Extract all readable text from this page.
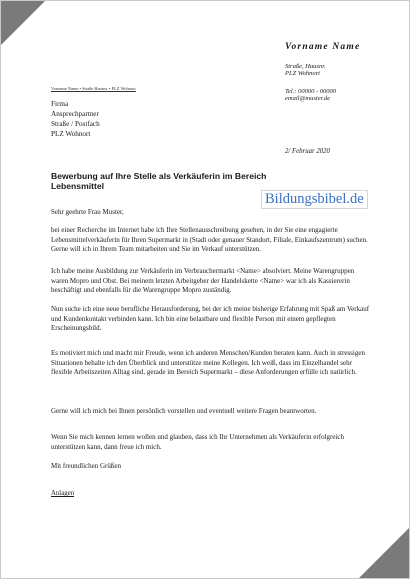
Vorname Name
Straße, Hausnr.
PLZ Wohnort
Tel.: 00000 - 00000
email@muster.de
Vorname Name • Straße Hausnr. • PLZ Wohnort
Firma
Ansprechpartner
Straße / Postfach
PLZ Wohnort
2/ Februar 2020
Bewerbung auf Ihre Stelle als Verkäuferin im Bereich Lebensmittel
Bildungsbibel.de

Sehr geehrte Frau Muster,

bei einer Recherche im Internet habe ich Ihre Stellenausschreibung gesehen, in der Sie eine engagierte Lebensmittelverkäuferin für Ihren Supermarkt in (Stadt oder genauer Standort, Filiale, Einkaufszentrum) suchen. Gerne will ich in Ihrem Team mitarbeiten und Sie im Verkauf unterstützen.

Ich habe meine Ausbildung zur Verkäuferin im Verbrauchermarkt <Name> absolviert. Meine Warengruppen waren Mopro und Obst. Bei meinem letzten Arbeitgeber der Handelskette <Name> war ich als Kassiererin beschäftigt und ebenfalls für die Warengruppe Mopro zuständig.

Nun suche ich eine neue berufliche Herausforderung, bei der ich meine bisherige Erfahrung mit Spaß am Verkauf und Kundenkontakt verbinden kann. Ich bin eine belastbare und flexible Person mit einem gepflegten Erscheinungsbild.

Es motiviert mich und macht mir Freude, wenn ich anderen Menschen/Kunden beraten kann. Auch in stressigen Situationen behalte ich den Überblick und unterstütze meine Kollegen. Ich weiß, dass im Einzelhandel sehr flexible Arbeitszeiten Alltag sind, gerade im Bereich Supermarkt – diese Anforderungen erfülle ich natürlich.

Gerne will ich mich bei Ihnen persönlich vorstellen und eventuell weitere Fragen beantworten.

Wenn Sie mich kennen lernen wollen und glauben, dass ich Ihr Unternehmen als Verkäuferin erfolgreich unterstützen kann, dann freue ich mich.

Mit freundlichen Grüßen

Anlagen
